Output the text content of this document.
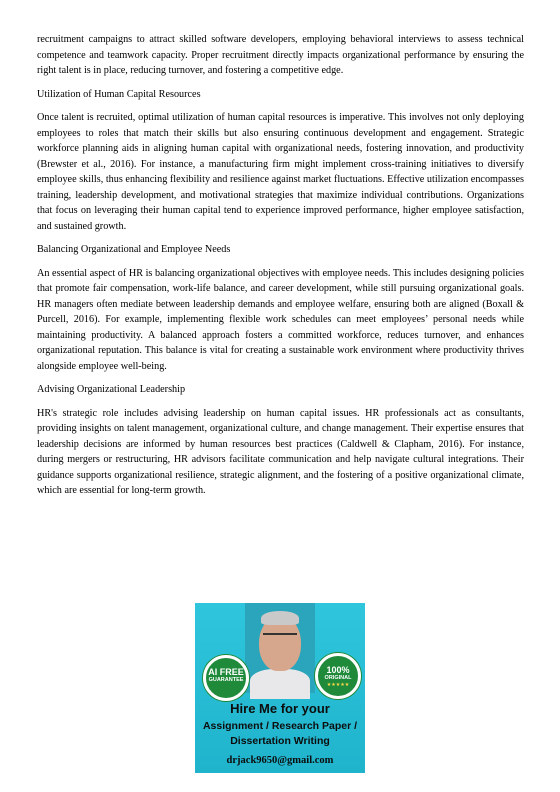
recruitment campaigns to attract skilled software developers, employing behavioral interviews to assess technical competence and teamwork capacity. Proper recruitment directly impacts organizational performance by ensuring the right talent is in place, reducing turnover, and fostering a competitive edge.

Utilization of Human Capital Resources

Once talent is recruited, optimal utilization of human capital resources is imperative. This involves not only deploying employees to roles that match their skills but also ensuring continuous development and engagement. Strategic workforce planning aids in aligning human capital with organizational needs, fostering innovation, and productivity (Brewster et al., 2016). For instance, a manufacturing firm might implement cross-training initiatives to diversify employee skills, thus enhancing flexibility and resilience against market fluctuations. Effective utilization encompasses training, leadership development, and motivational strategies that maximize individual contributions. Organizations that focus on leveraging their human capital tend to experience improved performance, higher employee satisfaction, and sustained growth.

Balancing Organizational and Employee Needs

An essential aspect of HR is balancing organizational objectives with employee needs. This includes designing policies that promote fair compensation, work-life balance, and career development, while still pursuing organizational goals. HR managers often mediate between leadership demands and employee welfare, ensuring both are aligned (Boxall & Purcell, 2016). For example, implementing flexible work schedules can meet employees’ personal needs while maintaining productivity. A balanced approach fosters a committed workforce, reduces turnover, and enhances organizational reputation. This balance is vital for creating a sustainable work environment where productivity thrives alongside employee well-being.

Advising Organizational Leadership

HR's strategic role includes advising leadership on human capital issues. HR professionals act as consultants, providing insights on talent management, organizational culture, and change management. Their expertise ensures that leadership decisions are informed by human resources best practices (Caldwell & Clapham, 2016). For instance, during mergers or restructuring, HR advisors facilitate communication and help navigate cultural integrations. Their guidance supports organizational resilience, strategic alignment, and the fostering of a positive organizational climate, which are essential for long-term growth.

AI FREE
GUARANTEE
100%
ORIGINAL
★★★★★
Hire Me for your
Assignment / Research Paper /
Dissertation Writing
drjack9650@gmail.com
